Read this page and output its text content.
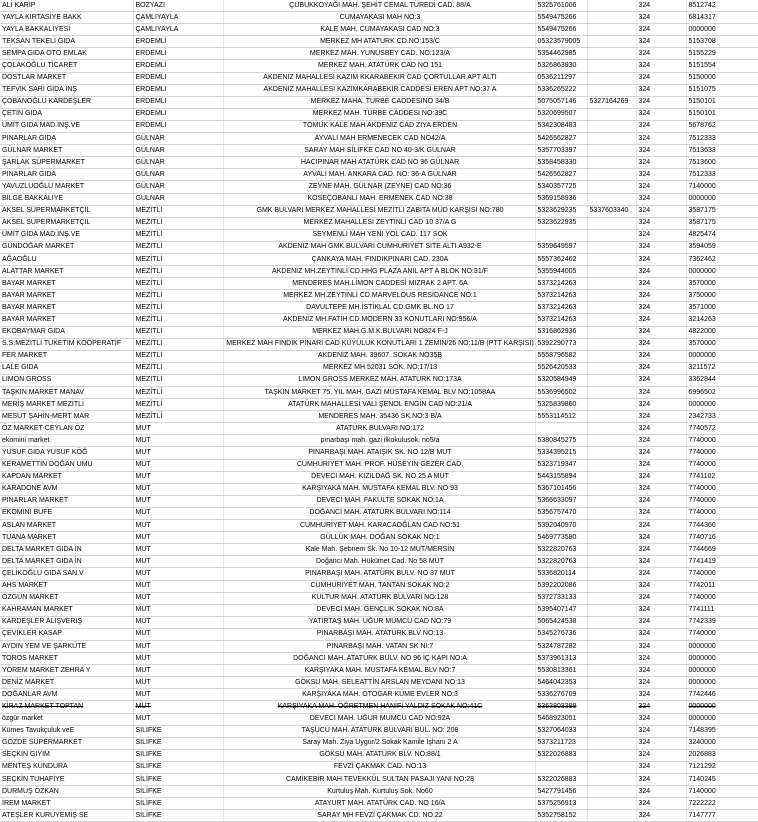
ALİ KARİP	BOZYAZI	ÇUBUKKOYAĞI MAH. ŞEHİT CEMAL TÜREDİ CAD. 88/A	5325761006		324	8512742
YAYLA KIRTASİYE BAKK	ÇAMLIYAYLA	CUMAYAKASI MAH NO:3	5549475266		324	6814317
YAYLA BAKKALİYESİ	ÇAMLIYAYLA	KALE MAH. CUMAYAKASI CAD NO:3	5549475266		324	0000000
TEKSAN TEKELİ GIDA	ERDEMLİ	MERKEZ MH ATATURK CD.NO:153/C	05323579005		324	5153708
SEMPA GIDA OTO EMLAK	ERDEMLİ	MERKEZ MAH. YUNUSBEY CAD. NO:123/A	5354462985		324	5155229
ÇOLAKOĞLU TİCARET	ERDEMLİ	MERKEZ MAH. ATATÜRK CAD NO 151	5326863930		324	5151554
DOSTLAR MARKET	ERDEMLİ	AKDENİZ MAHALLESİ KAZIM KKARABEKİR CAD ÇORTULLAR APT ALTI	0536211297		324	5150000
TEFVİK SARI GIDA İNŞ	ERDEMLİ	AKDENİZ MAHALLESİ KAZIMKARABEKİR CADDESİ EREN APT NO:37 A	5336265222		324	5151075
ÇOBANOĞLU KARDEŞLER	ERDEMLİ	MERKEZ MAHA. TÜRBE CADDESİNO 34/B	5075057146	5327164269	324	5150101
ÇETİN GIDA	ERDEMLİ	MERKEZ MAH. TÜRBE CADDESİ NO:39C	5320699507		324	5150101
ÜMİT GIDA MAD.İNŞ.VE	ERDEMLİ	TÖMÜK KALE MAH AKDENİZ CAD ZİYA ERDEN	5342308483		324	5678762
PINARLAR GIDA	GÜLNAR	AYVALI MAH ERMENECEK CAD NO42/A	5426562827		324	7512333
GÜLNAR MARKET	GÜLNAR	SARAY MAH SİLİFKE CAD NO 40-3/K GÜLNAR	5357703397		324	7513633
ŞARLAK SÜPERMARKET	GÜLNAR	HACIPINAR MAH ATATÜRK CAD NO 96 GÜLNAR	5358458330		324	7513600
PINARLAR GIDA	GÜLNAR	AYVALI MAH. ANKARA CAD. NO: 36-A GÜLNAR	5426562827		324	7512333
YAVUZLUOĞLU MARKET	GÜLNAR	ZEYNE MAH. GÜLNAR (ZEYNE) CAD NO:36	5340357725		324	7140000
BİLGE BAKKALİYE	GÜLNAR	KÖSEÇOBANLI MAH. ERMENEK CAD NO:38	5369158936		324	0000000
AKSEL SÜPERMARKETÇİL	MEZİTLİ	GMK BULVARI MERKEZ MAHALLESİ MEZİTLİ ZABITA MÜD KARŞISI NO:780	5323629235	5337603340	324	3587175
AKSEL SÜPERMARKETÇİL	MEZİTLİ	MERKEZ MAHALLESİ ZEYTİNLİ CAD 10 37/A G	5323622935		324	3587175
ÜMİT GIDA MAD.İNŞ.VE	MEZİTLİ	SEYMENLİ MAH YENİ YOL CAD. 117 SOK			324	4825474
GÜNDOĞAR MARKET	MEZİTLİ	AKDENİZ MAH GMK BULVARI CUMHURİYET SİTE ALTI A932-E	5359649597		324	3594059
AĞAOĞLU	MEZİTLİ	ÇANKAYA MAH. FINDIKPINARI CAD. 230A	5557362462		324	7362462
ALATTAR MARKET	MEZİTLİ	AKDENİZ MH.ZEYTİNLİ CD.HHG PLAZA ANIL APT A BLOK NO:31/F	5355944005		324	0000000
BAYAR MARKET	MEZİTLİ	MENDERES MAH.LİMON CADDESİ MIZRAK 2 APT. 6A	5373214263		324	3570000
BAYAR MARKET	MEZİTLİ	MERKEZ MH.ZEYTİNLİ CD.MARVELOUS RESİDANCE NO:1	5373214263		324	3750000
BAYAR MARKET	MEZİTLİ	DAVULTEPE MH.İSTİKLAL CD.GMK BL.NO 17	5373214263		324	3571000
BAYAR MARKET	MEZİTLİ	AKDENİZ MH.FATİH CD.MODERN 33 KONUTLARI NO:956/A	5373214263		324	3214263
EKOBAYMAR GIDA	MEZİTLİ	MERKEZ MAH.G.M.K.BULVARI NO824 F-J	5316862936		324	4822000
S.S.MEZİTLİ TÜKETİM KOOPERATİF	MEZİTLİ	MERKEZ MAH FINDIK PINARI CAD KUYULUK KONUTLARI 1 ZEMİN/26 NO:11/B (PTT KARŞISI)	5392290773		324	3570000
FER MARKET	MEZİTLİ	AKDENİZ MAH. 39607. SOKAK NO35B	5558796582		324	0000000
LALE GIDA	MEZİTLİ	MERKEZ MH 52031 SOK. NO:17/13	5526420533		324	3211572
LİMON GROSS	MEZİTLİ	LİMON GROSS MERKEZ MAH. ATATÜRK NO:173A	5320584949		324	3362844
TAŞKIN MARKET MANAV	MEZİTLİ	TAŞKIN MARKET 75. YIL MAH. GAZİ MUSTAFA KEMAL BLV NO:1058AA	5536996502		324	6996502
MERİŞ MARKET MEZİTLİ	MEZİTLİ	ATATÜRK MAHALLESİ VALİ ŞENOL ENGİN CAD NO:21/A	5325839860		324	0000000
MESUT ŞAHİN-MERT MAR	MEZİTLİ	MENDERES MAH. 35436 SK.NO:3 B/A	5553114512		324	2342733
ÖZ MARKET-CEYLAN ÖZ	MUT	ATATÜRK BULVARI NO:172			324	7740572
ekomini market	MUT	pınarbaşı mah. gazi ilkokulusok. no5/a	5380845275		324	7740000
YUSUF GIDA YUSUF KÖĞ	MUT	PINARBAŞI MAH. ATAIŞIK SK. NO 12/B MUT	5334395215		324	7740000
KERAMETTİN DOĞAN UMU	MUT	CUMHURİYET MAH. PROF. HÜSEYİN GEZER CAD.	5323719347		324	7740000
KAPDAN MARKET	MUT	DEVECİ MAH. KIZILDAĞ SK. NO 25 A MUT	5443155894		324	7741102
KARADÖNE AVM	MUT	KARŞIYAKA MAH. MUSTAFA KEMAL BLV. NO 93	5367101456		324	7740000
PINARLAR MARKET	MUT	DEVECİ MAH. FAKÜLTE SOKAK NO:1A	5366633097		324	7740000
EKOMİNİ BÜFE	MUT	DOĞANCI MAH. ATATÜRK BULVARI NO:114	5356757470		324	7740000
ASLAN MARKET	MUT	CUMHURİYET MAH. KARACAOĞLAN CAD NO:51	5392040970		324	7744360
TUANA MARKET	MUT	GÜLLÜK MAH. DOĞAN SOKAK NO:1	5469773580		324	7740716
DELTA MARKET GIDA İN	MUT	Kale Mah. Şebnem Sk. No 10-12 MUT/MERSİN	5322820763		324	7744669
DELTA MARKET GIDA İN	MUT	Doğancı Mah. Hükümet Cad. No 58 MUT	5322820763		324	7741419
ÇELİKOĞLU GIDA SAN.V	MUT	PINARBAŞI MAH. ATATÜRK BULV. NO 37 MUT	5336820114		324	7740000
AHS MARKET	MUT	CUMHURİYET MAH. TANTAN SOKAK NO:2	5392202086		324	7742011
ÖZGÜN MARKET	MUT	KÜLTÜR MAH. ATATÜRK BULVARI NO:128	5372733133		324	7740000
KAHRAMAN MARKET	MUT	DEVECİ MAH. GENÇLİK SOKAK NO:8A	5395407147		324	7741111
KARDEŞLER ALIŞVERİŞ	MUT	YATIRTAŞ MAH. UĞUR MUMCU CAD NO:79	5065424538		324	7742339
ÇEVİKLER KASAP	MUT	PINARBAŞI MAH. ATATÜRK BLV NO:13	5345276736		324	7740000
AYDIN YEM VE ŞARKÜTE	MUT	PINARBAŞI MAH. VATAN SK NI:7	5324787282		324	0000000
TOROS MARKET	MUT	DOĞANCI MAH. ATATÜRK BULV. NO 96 İÇ KAPI NO:A	5373961313		324	0000000
YÖREM MARKET ZEHRA Y	MUT	KARŞIYAKA MAH. MUSTAFA KEMAL BLV NO:7	5530813361		324	0000000
DENİZ MARKET	MUT	GÖKSU MAH. SELEATTİN ARSLAN MEYDANI NO:13	5464042353		324	0000000
DOĞANLAR AVM	MUT	KARŞIYAKA MAH. OTOGAR KÜME EVLER NO:3	5336276709		324	7742446
KİRAZ MARKET TOPTAN	MUT	KARŞIYAKA MAH. ÖĞRETMEN HANİFİ YALDIZ SOKAK NO:41C	5363803398		324	0000000
özgür market	MUT	DEVECİ MAH. UĞUR MUMCU CAD NO:92A	5468923051		324	0000000
Kümes Tavukçuluk veE	SİLİFKE	TAŞUCU MAH. ATATÜRK BULVARI BUL. NO: 208	5327064033		324	7148395
GÖZDE SÜPERMARKET	SİLİFKE	Saray Mah. Ziya Uygur/2 Sokak Kamile İşhanı 2 A	5373211723		324	3240000
SEÇKİN GİYİM	SİLİFKE	GÖKSU MAH. ATATÜRK BLV. NO:88/1	5322026883		324	2026883
MENTEŞ KUNDURA	SİLİFKE	FEVZİ ÇAKMAK CAD. NO:13			324	7121292
SEÇKİN TUHAFİYE	SİLİFKE	CAMİKEBİR MAH TEVEKKÜL SULTAN PASAJI YANI NO:28	5322026883		324	7140245
DURMUŞ ÖZKAN	SİLİFKE	Kurtuluş Mah. Kurtuluş Sok. No60	5427791456		324	7140000
İREM MARKET	SİLİFKE	ATAYURT MAH. ATATÜRK CAD. NO 16/A	5375256913		324	7222222
ATEŞLER KURUYEMİŞ SE	SİLİFKE	SARAY MH FEVZİ ÇAKMAK CD. NO.22	5352758152		324	7147777
